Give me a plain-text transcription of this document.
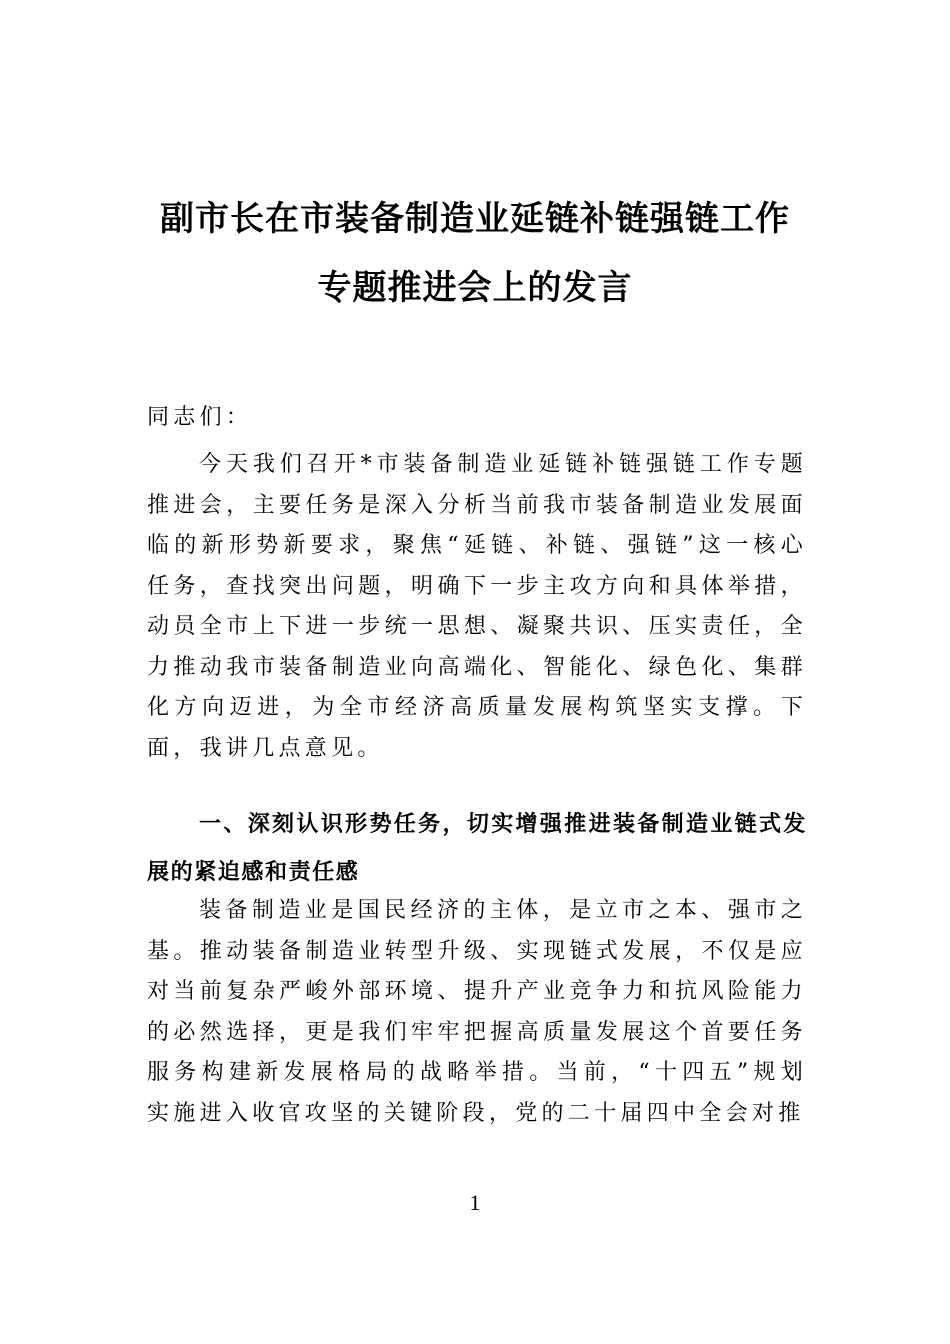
副市长在市装备制造业延链补链强链工作
专题推进会上的发言
同志们：
今天我们召开*市装备制造业延链补链强链工作专题推进会，主要任务是深入分析当前我市装备制造业发展面临的新形势新要求，聚焦“延链、补链、强链”这一核心任务，查找突出问题，明确下一步主攻方向和具体举措，动员全市上下进一步统一思想、凝聚共识、压实责任，全力推动我市装备制造业向高端化、智能化、绿色化、集群化方向迈进，为全市经济高质量发展构筑坚实支撑。下面，我讲几点意见。
一、深刻认识形势任务，切实增强推进装备制造业链式发展的紧迫感和责任感
装备制造业是国民经济的主体，是立市之本、强市之基。推动装备制造业转型升级、实现链式发展，不仅是应对当前复杂严峻外部环境、提升产业竞争力和抗风险能力的必然选择，更是我们牢牢把握高质量发展这个首要任务服务构建新发展格局的战略举措。当前，“十四五”规划实施进入收官攻坚的关键阶段，党的二十届四中全会对推
1
